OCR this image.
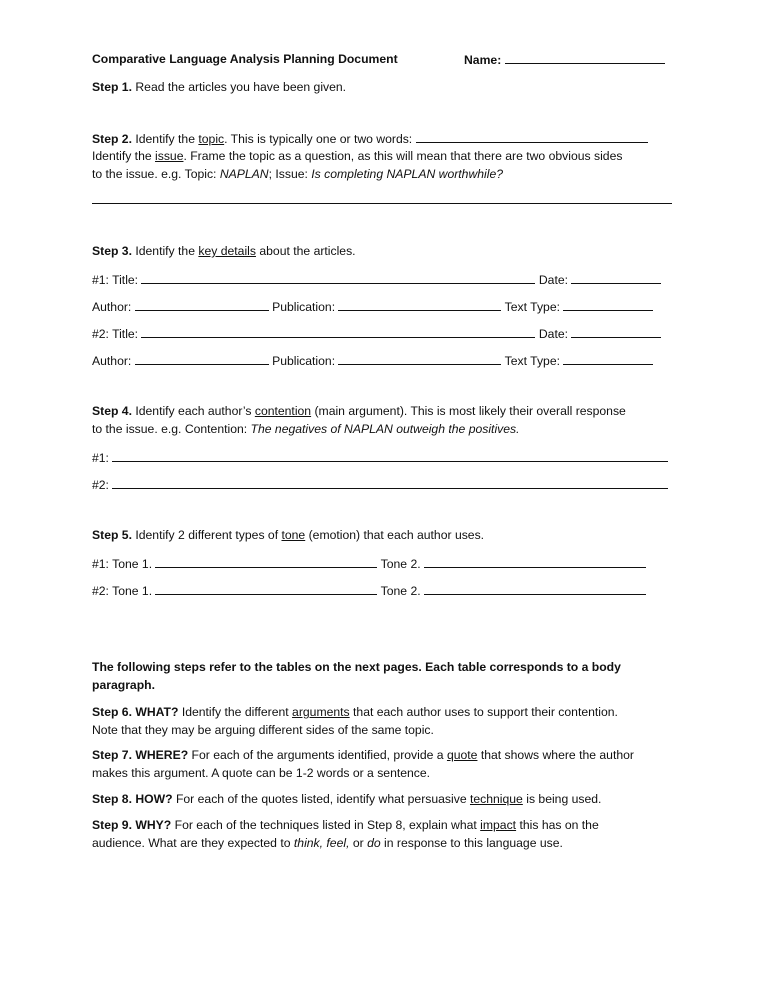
Comparative Language Analysis Planning Document	Name:
Step 1. Read the articles you have been given.
Step 2. Identify the topic. This is typically one or two words:
Identify the issue. Frame the topic as a question, as this will mean that there are two obvious sides
to the issue. e.g. Topic: NAPLAN; Issue: Is completing NAPLAN worthwhile?
Step 3. Identify the key details about the articles.
#1: Title:	Date:
Author:	Publication:	Text Type:
#2: Title:	Date:
Author:	Publication:	Text Type:
Step 4. Identify each author’s contention (main argument). This is most likely their overall response
to the issue. e.g. Contention: The negatives of NAPLAN outweigh the positives.
#1:
#2:
Step 5. Identify 2 different types of tone (emotion) that each author uses.
#1: Tone 1.	Tone 2.
#2: Tone 1.	Tone 2.
The following steps refer to the tables on the next pages. Each table corresponds to a body
paragraph.
Step 6. WHAT? Identify the different arguments that each author uses to support their contention.
Note that they may be arguing different sides of the same topic.
Step 7. WHERE? For each of the arguments identified, provide a quote that shows where the author
makes this argument. A quote can be 1-2 words or a sentence.
Step 8. HOW? For each of the quotes listed, identify what persuasive technique is being used.
Step 9. WHY? For each of the techniques listed in Step 8, explain what impact this has on the
audience. What are they expected to think, feel, or do in response to this language use.
